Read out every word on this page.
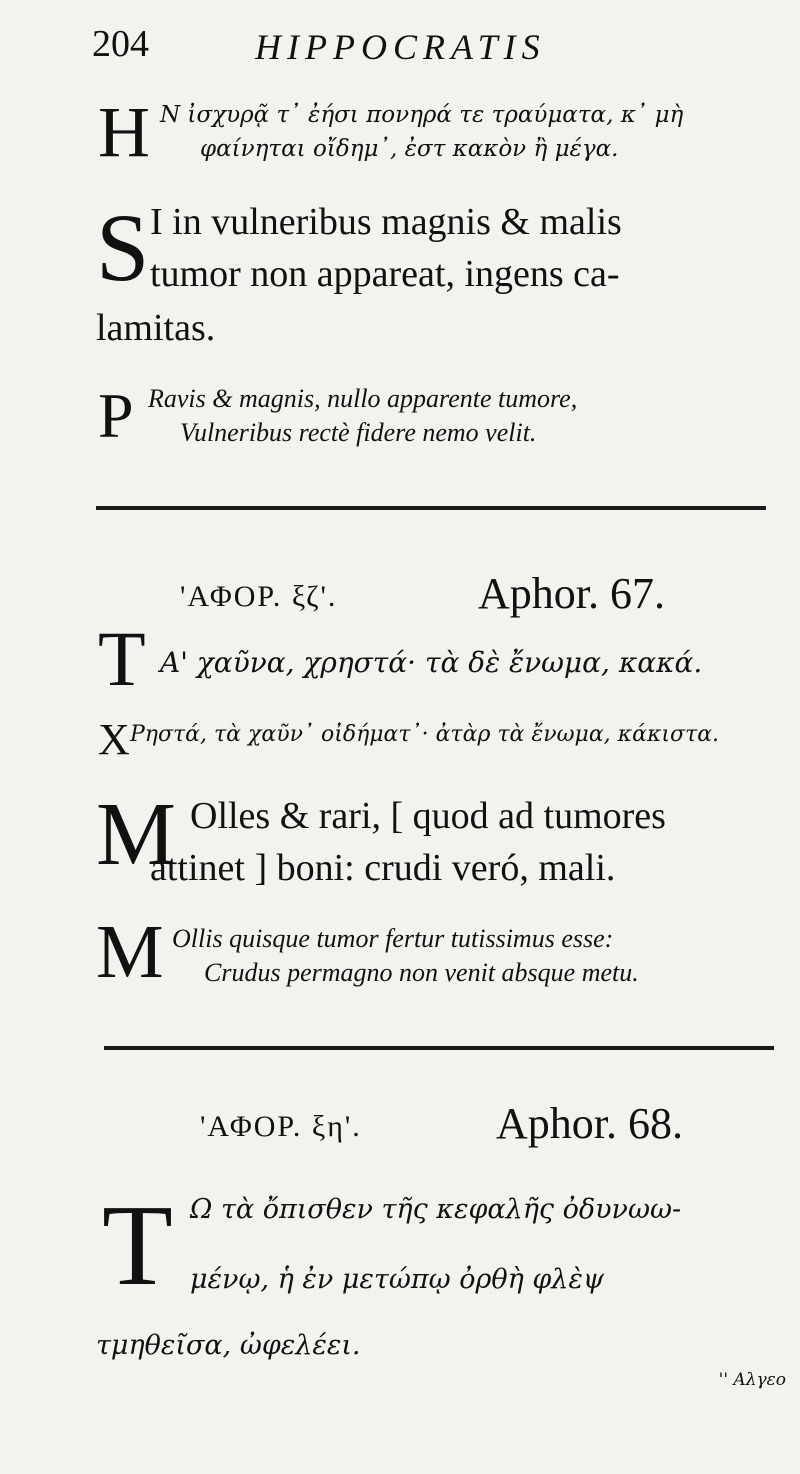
204	HIPPOCRATIS
H N ἰσχυρᾷ τ᾽ ἐήσι πονηρά τε τραύματα, κ᾽ μὴ
φαίνηται οἴδημ᾽, ἐστ κακὸν ἢ μέγα.
S I in vulneribus magnis & malis
tumor non appareat, ingens ca-
lamitas.
P Ravis & magnis, nullo apparente tumore,
Vulneribus rectè fidere nemo velit.
'ΑΦΟΡ. ξζ'.	Aphor. 67.
T Α' χαῦνα, χρηστά· τὰ δὲ ἔνωμα, κακά.
X Ρηστά, τὰ χαῦν᾽ οἰδήματ᾽· ἀτὰρ τὰ ἔνωμα, κάκιστα.
M Olles & rari, [ quod ad tumores
attinet ] boni: crudi veró, mali.
M Ollis quisque tumor fertur tutissimus esse:
Crudus permagno non venit absque metu.
'ΑΦΟΡ. ξη'.	Aphor. 68.
T Ω τὰ ὄπισθεν τῆς κεφαλῆς ὀδυνωω-
μένῳ, ἡ ἐν μετώπῳ ὀρθὴ φλὲψ
τμηθεῖσα, ὠφελέει.
'' Αλγεο
